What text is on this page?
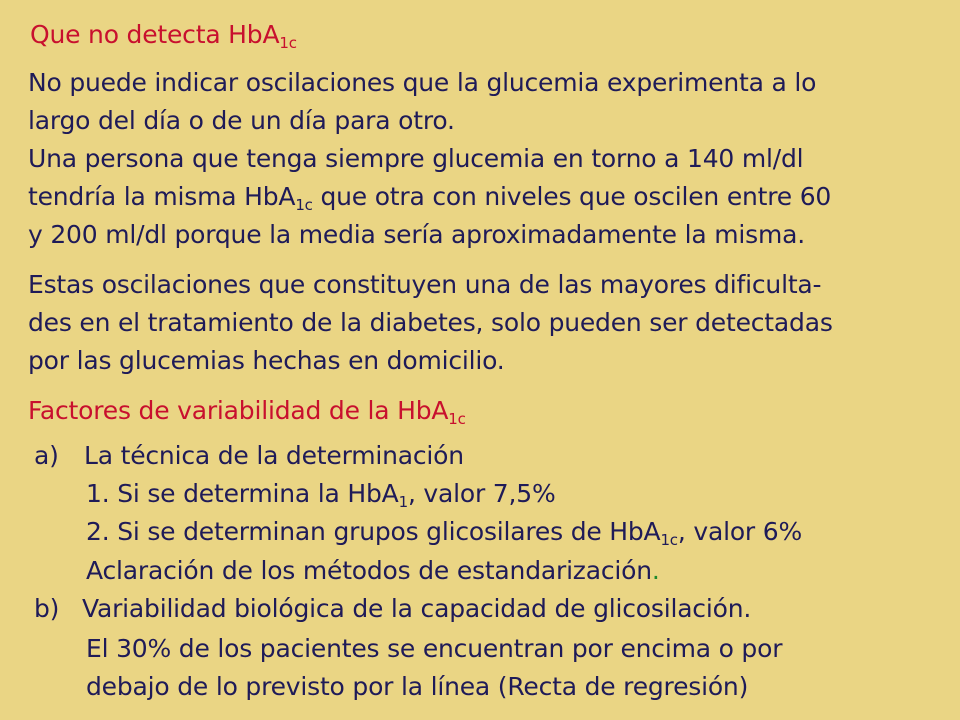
Que no detecta HbA$_{1c}$
No puede indicar oscilaciones que la glucemia experimenta a lo
largo del día o de un día para otro.
Una persona que tenga siempre glucemia en torno a 140 ml/dl
tendría la misma HbA$_{1c}$ que otra con niveles que oscilen entre 60
y 200 ml/dl porque la media sería aproximadamente la misma.
Estas oscilaciones que constituyen una de las mayores dificulta-
des en el tratamiento de la diabetes, solo pueden ser detectadas
por las glucemias hechas en domicilio.
Factores de variabilidad de la HbA$_{1c}$
a) La técnica de la determinación
1. Si se determina la HbA$_1$, valor 7,5%
2. Si se determinan grupos glicosilares de HbA$_{1c}$, valor 6%
Aclaración de los métodos de estandarización.
b) Variabilidad biológica de la capacidad de glicosilación.
El 30% de los pacientes se encuentran por encima o por
debajo de lo previsto por la línea (Recta de regresión)
